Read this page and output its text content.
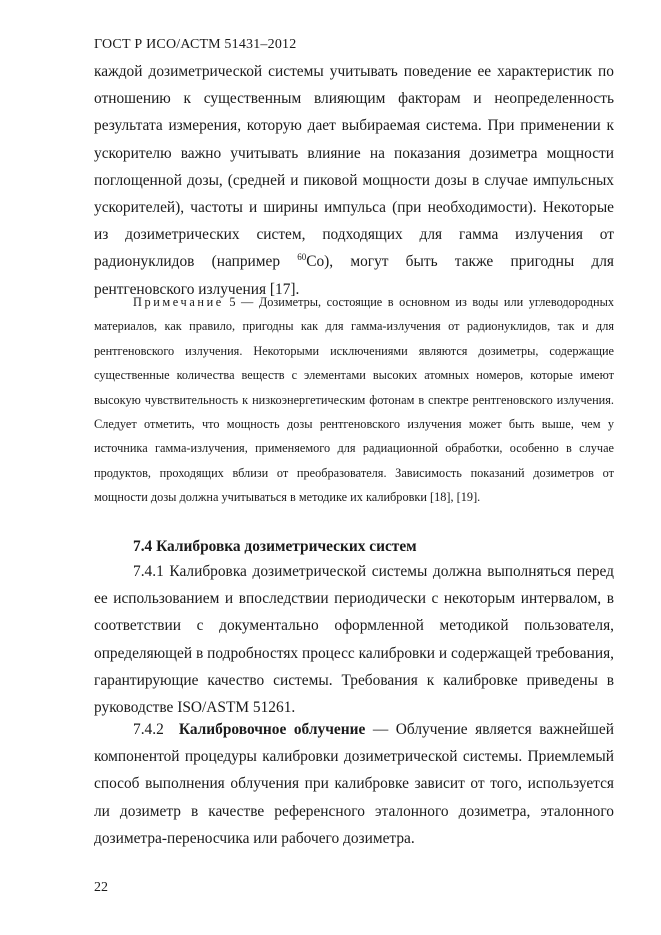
ГОСТ Р ИСО/АСТМ 51431–2012

каждой дозиметрической системы учитывать поведение ее характеристик по отношению к существенным влияющим факторам и неопределенность результата измерения, которую дает выбираемая система. При применении к ускорителю важно учитывать влияние на показания дозиметра мощности поглощенной дозы, (средней и пиковой мощности дозы в случае импульсных ускорителей), частоты и ширины импульса (при необходимости). Некоторые из дозиметрических систем, подходящих для гамма излучения от радионуклидов (например $^{60}$Co), могут быть также пригодны для рентгеновского излучения [17].

Примечание 5 — Дозиметры, состоящие в основном из воды или углеводородных материалов, как правило, пригодны как для гамма-излучения от радионуклидов, так и для рентгеновского излучения. Некоторыми исключениями являются дозиметры, содержащие существенные количества веществ с элементами высоких атомных номеров, которые имеют высокую чувствительность к низкоэнергетическим фотонам в спектре рентгеновского излучения. Следует отметить, что мощность дозы рентгеновского излучения может быть выше, чем у источника гамма-излучения, применяемого для радиационной обработки, особенно в случае продуктов, проходящих вблизи от преобразователя. Зависимость показаний дозиметров от мощности дозы должна учитываться в методике их калибровки [18], [19].
7.4 Калибровка дозиметрических систем

7.4.1 Калибровка дозиметрической системы должна выполняться перед ее использованием и впоследствии периодически с некоторым интервалом, в соответствии с документально оформленной методикой пользователя, определяющей в подробностях процесс калибровки и содержащей требования, гарантирующие качество системы. Требования к калибровке приведены в руководстве ISO/ASTM 51261.

7.4.2 Калибровочное облучение — Облучение является важнейшей компонентой процедуры калибровки дозиметрической системы. Приемлемый способ выполнения облучения при калибровке зависит от того, используется ли дозиметр в качестве референсного эталонного дозиметра, эталонного дозиметра-переносчика или рабочего дозиметра.

22
